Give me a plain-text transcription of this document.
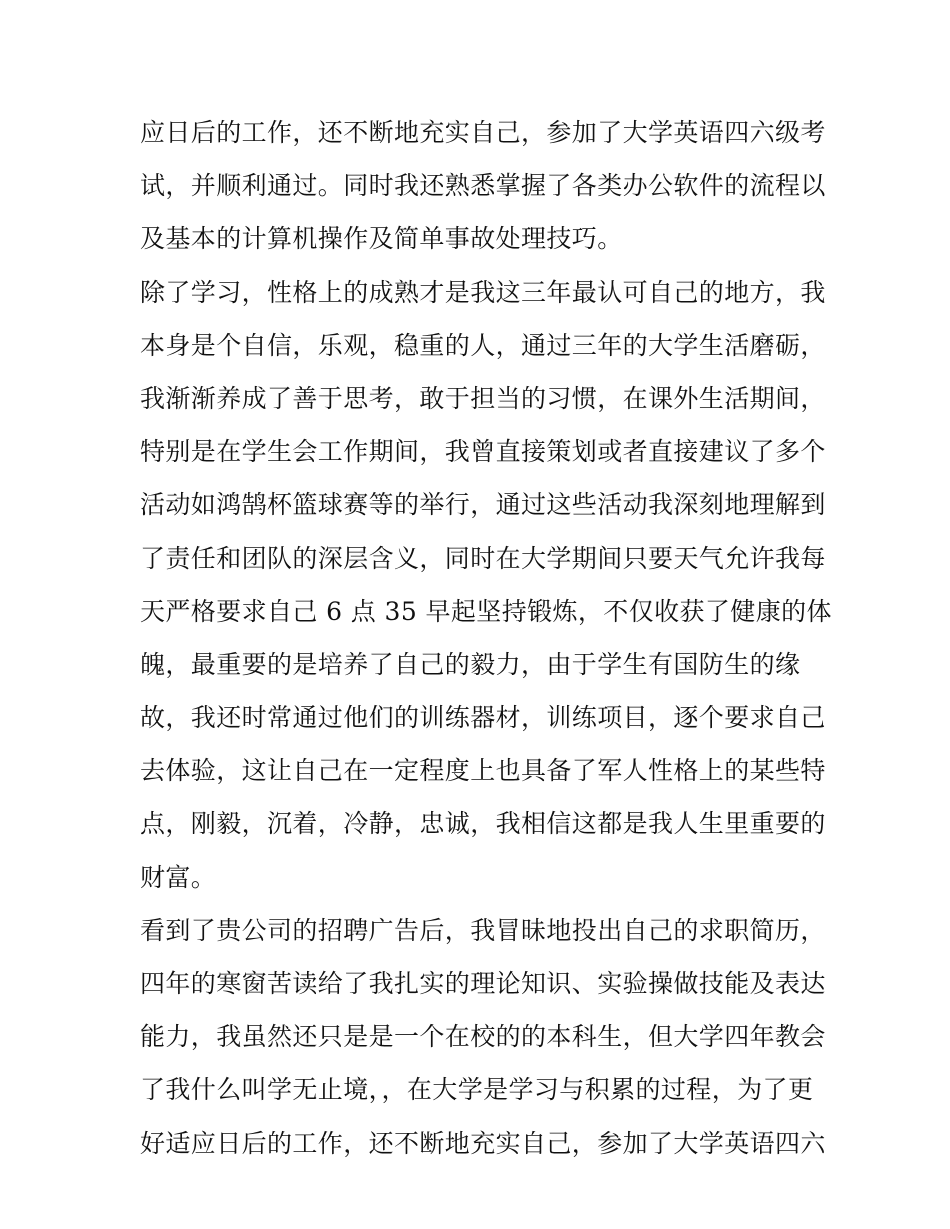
应日后的工作，还不断地充实自己，参加了大学英语四六级考
试，并顺利通过。同时我还熟悉掌握了各类办公软件的流程以
及基本的计算机操作及简单事故处理技巧。
除了学习，性格上的成熟才是我这三年最认可自己的地方，我
本身是个自信，乐观，稳重的人，通过三年的大学生活磨砺，
我渐渐养成了善于思考，敢于担当的习惯，在课外生活期间，
特别是在学生会工作期间，我曾直接策划或者直接建议了多个
活动如鸿鹄杯篮球赛等的举行，通过这些活动我深刻地理解到
了责任和团队的深层含义，同时在大学期间只要天气允许我每
天严格要求自己 6 点 35 早起坚持锻炼，不仅收获了健康的体
魄，最重要的是培养了自己的毅力，由于学生有国防生的缘
故，我还时常通过他们的训练器材，训练项目，逐个要求自己
去体验，这让自己在一定程度上也具备了军人性格上的某些特
点，刚毅，沉着，冷静，忠诚，我相信这都是我人生里重要的
财富。
看到了贵公司的招聘广告后，我冒昧地投出自己的求职简历，
四年的寒窗苦读给了我扎实的理论知识、实验操做技能及表达
能力，我虽然还只是是一个在校的的本科生，但大学四年教会
了我什么叫学无止境，，在大学是学习与积累的过程，为了更
好适应日后的工作，还不断地充实自己，参加了大学英语四六
